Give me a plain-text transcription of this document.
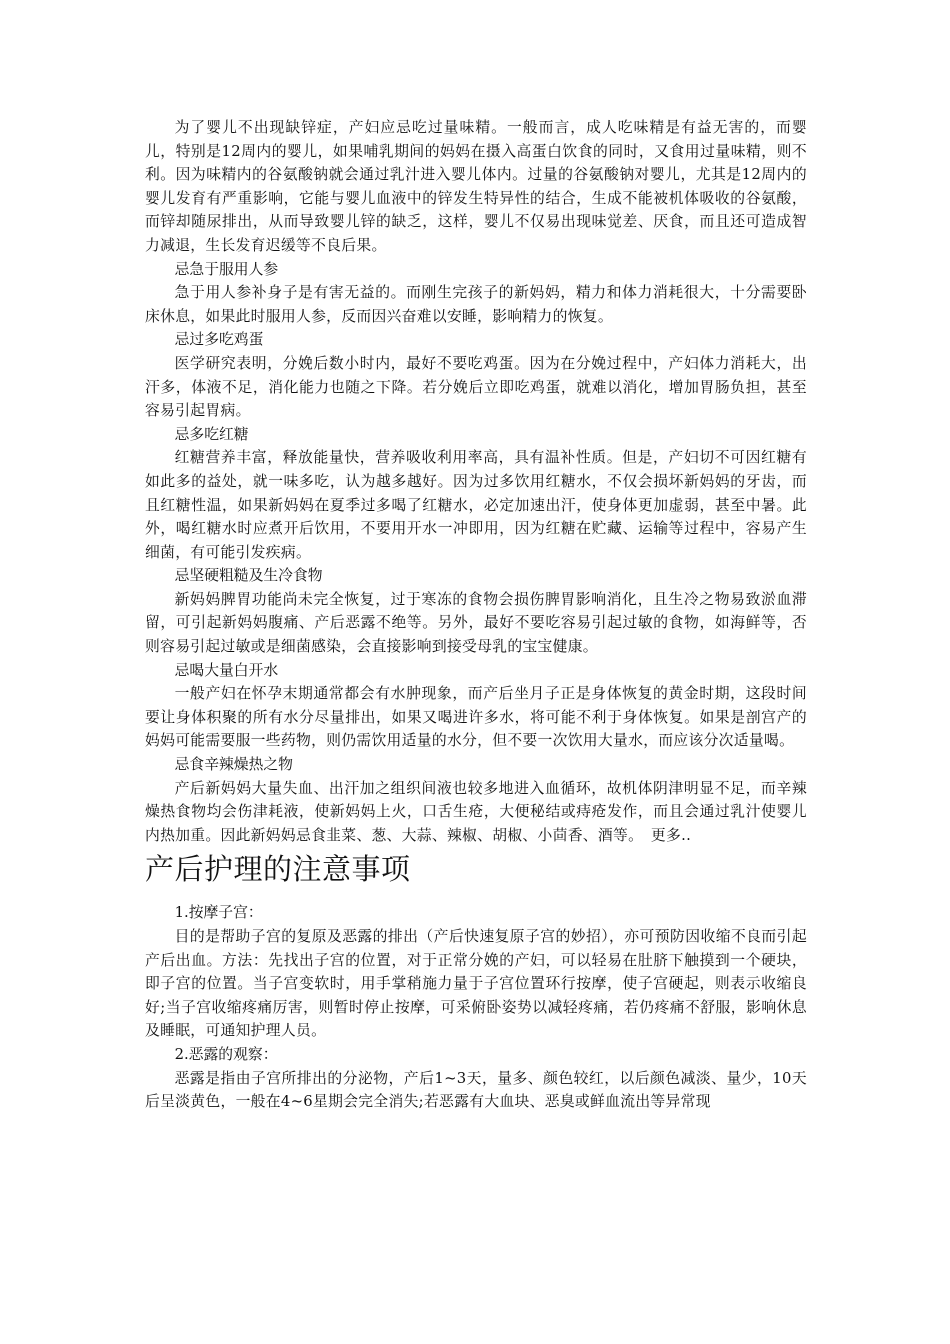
为了婴儿不出现缺锌症，产妇应忌吃过量味精。一般而言，成人吃味精是有益无害的，而婴儿，特别是12周内的婴儿，如果哺乳期间的妈妈在摄入高蛋白饮食的同时，又食用过量味精，则不利。因为味精内的谷氨酸钠就会通过乳汁进入婴儿体内。过量的谷氨酸钠对婴儿，尤其是12周内的婴儿发育有严重影响，它能与婴儿血液中的锌发生特异性的结合，生成不能被机体吸收的谷氨酸，而锌却随尿排出，从而导致婴儿锌的缺乏，这样，婴儿不仅易出现味觉差、厌食，而且还可造成智力减退，生长发育迟缓等不良后果。

忌急于服用人参

急于用人参补身子是有害无益的。而刚生完孩子的新妈妈，精力和体力消耗很大，十分需要卧床休息，如果此时服用人参，反而因兴奋难以安睡，影响精力的恢复。

忌过多吃鸡蛋

医学研究表明，分娩后数小时内，最好不要吃鸡蛋。因为在分娩过程中，产妇体力消耗大，出汗多，体液不足，消化能力也随之下降。若分娩后立即吃鸡蛋，就难以消化，增加胃肠负担，甚至容易引起胃病。

忌多吃红糖

红糖营养丰富，释放能量快，营养吸收利用率高，具有温补性质。但是，产妇切不可因红糖有如此多的益处，就一味多吃，认为越多越好。因为过多饮用红糖水，不仅会损坏新妈妈的牙齿，而且红糖性温，如果新妈妈在夏季过多喝了红糖水，必定加速出汗，使身体更加虚弱，甚至中暑。此外，喝红糖水时应煮开后饮用，不要用开水一冲即用，因为红糖在贮藏、运输等过程中，容易产生细菌，有可能引发疾病。

忌坚硬粗糙及生冷食物

新妈妈脾胃功能尚未完全恢复，过于寒冻的食物会损伤脾胃影响消化，且生冷之物易致淤血滞留，可引起新妈妈腹痛、产后恶露不绝等。另外，最好不要吃容易引起过敏的食物，如海鲜等，否则容易引起过敏或是细菌感染，会直接影响到接受母乳的宝宝健康。

忌喝大量白开水

一般产妇在怀孕末期通常都会有水肿现象，而产后坐月子正是身体恢复的黄金时期，这段时间要让身体积聚的所有水分尽量排出，如果又喝进许多水，将可能不利于身体恢复。如果是剖宫产的妈妈可能需要服一些药物，则仍需饮用适量的水分，但不要一次饮用大量水，而应该分次适量喝。

忌食辛辣燥热之物

产后新妈妈大量失血、出汗加之组织间液也较多地进入血循环，故机体阴津明显不足，而辛辣燥热食物均会伤津耗液，使新妈妈上火，口舌生疮，大便秘结或痔疮发作，而且会通过乳汁使婴儿内热加重。因此新妈妈忌食韭菜、葱、大蒜、辣椒、胡椒、小茴香、酒等。　更多..

产后护理的注意事项

1.按摩子宫：

目的是帮助子宫的复原及恶露的排出（产后快速复原子宫的妙招），亦可预防因收缩不良而引起产后出血。方法：先找出子宫的位置，对于正常分娩的产妇，可以轻易在肚脐下触摸到一个硬块，即子宫的位置。当子宫变软时，用手掌稍施力量于子宫位置环行按摩，使子宫硬起，则表示收缩良好;当子宫收缩疼痛厉害，则暂时停止按摩，可采俯卧姿势以减轻疼痛，若仍疼痛不舒服，影响休息及睡眠，可通知护理人员。

2.恶露的观察：

恶露是指由子宫所排出的分泌物，产后1~3天，量多、颜色较红，以后颜色减淡、量少，10天后呈淡黄色，一般在4~6星期会完全消失;若恶露有大血块、恶臭或鲜血流出等异常现
